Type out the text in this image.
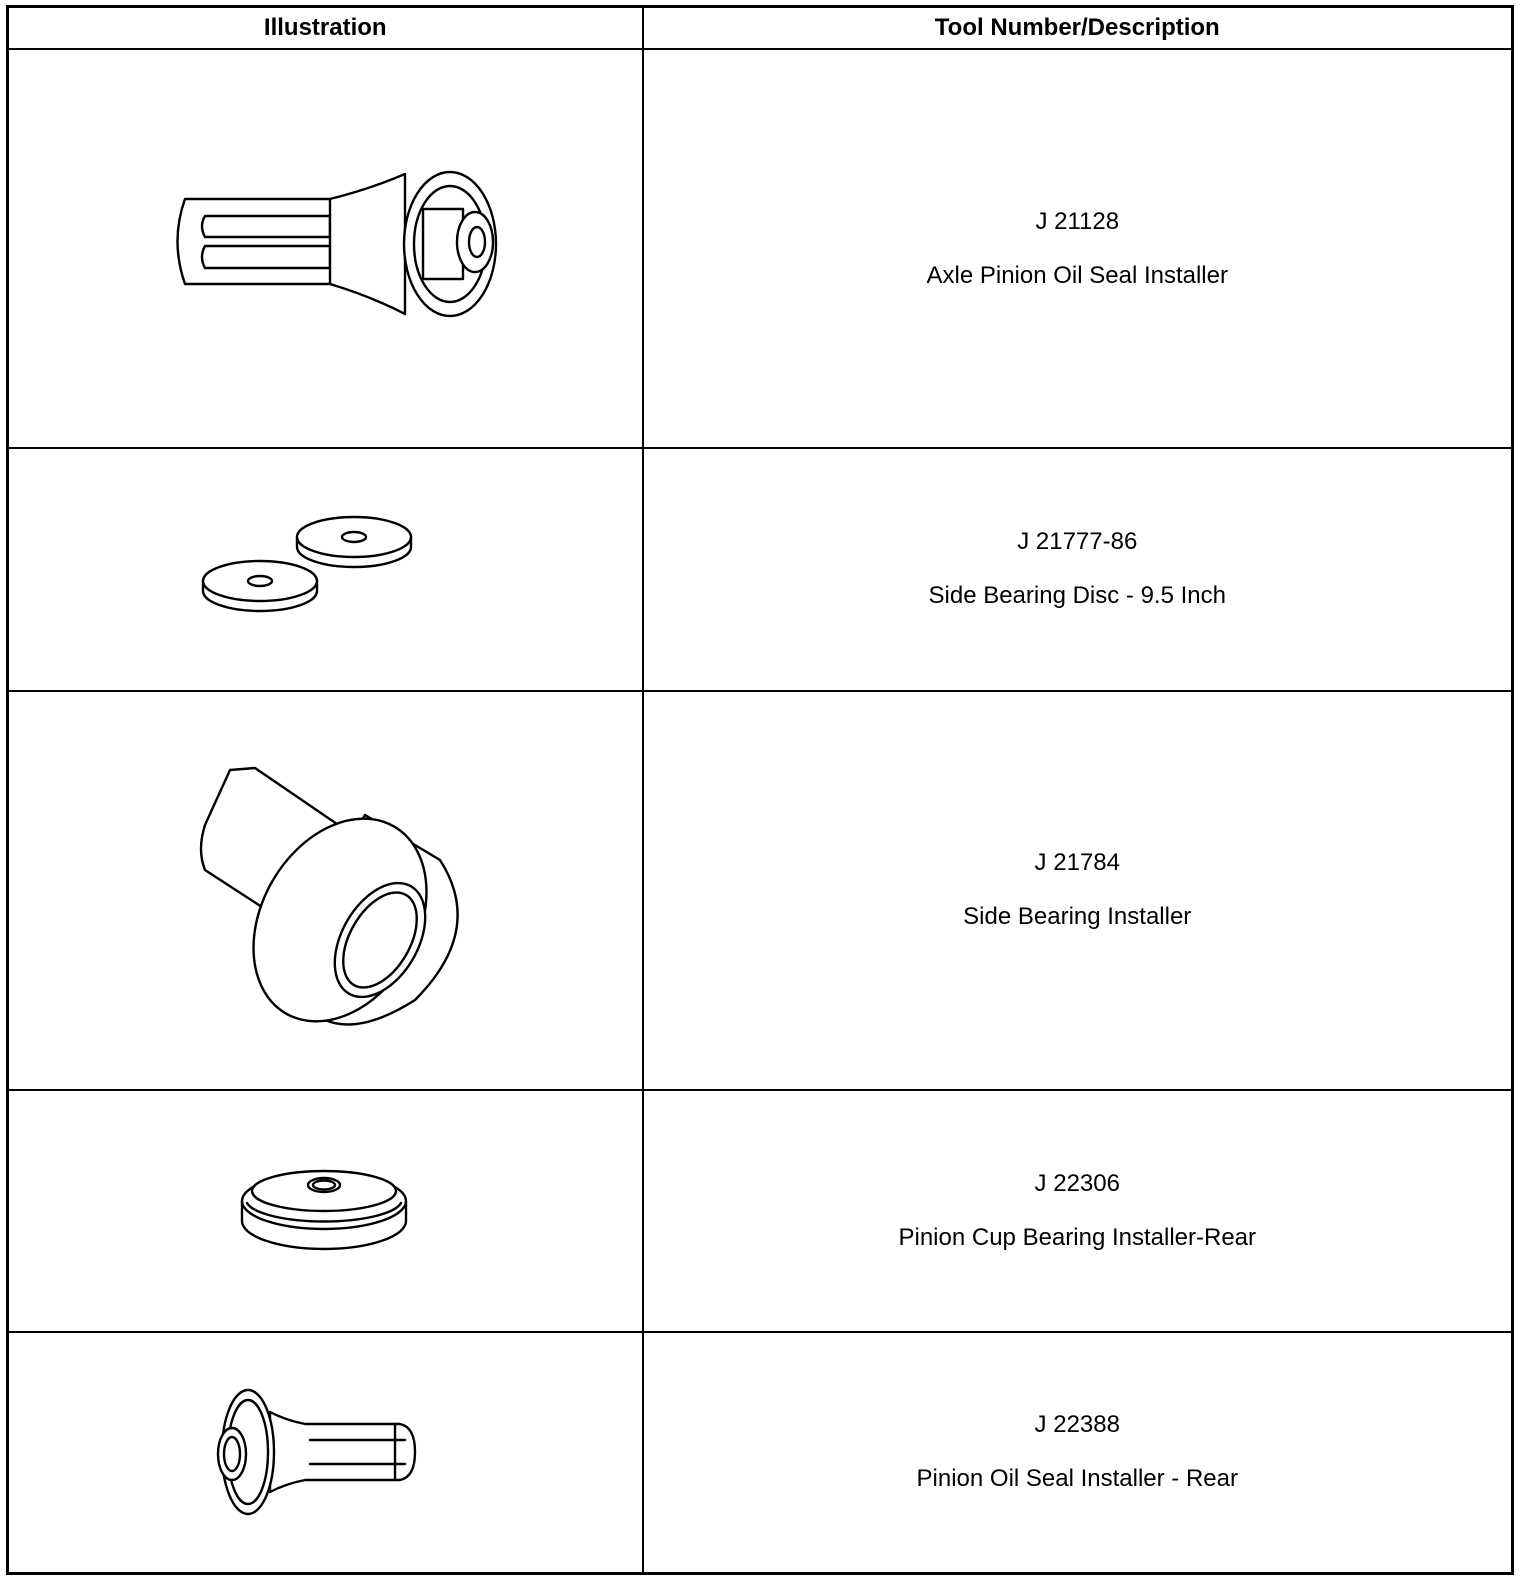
Illustration	Tool Number/Description

J 21128
Axle Pinion Oil Seal Installer

J 21777-86
Side Bearing Disc - 9.5 Inch

J 21784
Side Bearing Installer

J 22306
Pinion Cup Bearing Installer-Rear

J 22388
Pinion Oil Seal Installer - Rear
